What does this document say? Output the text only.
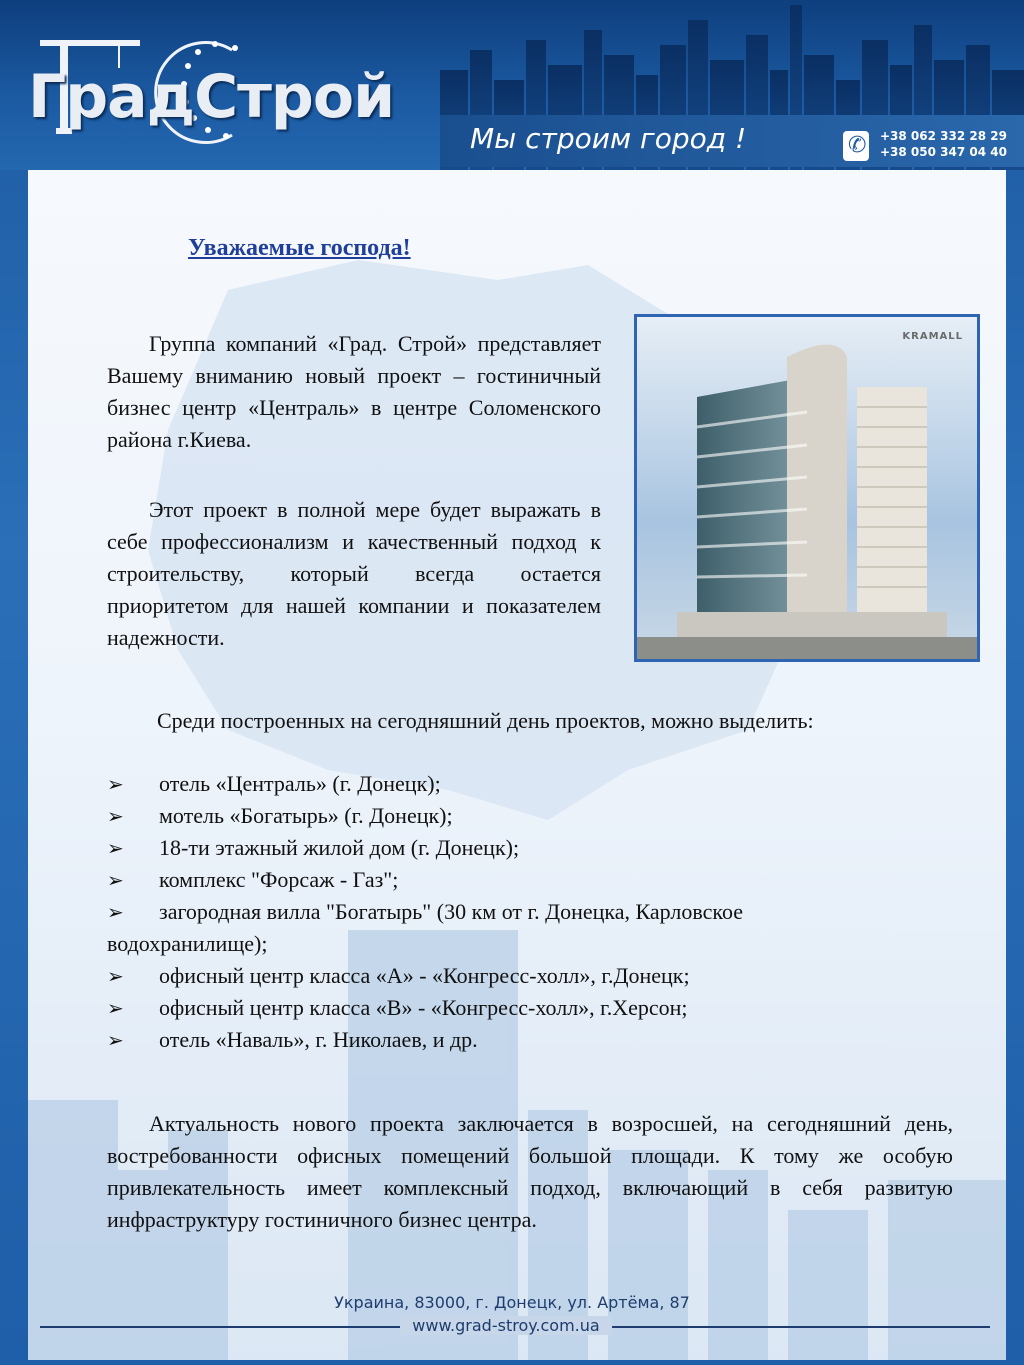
ГрадСтрой
Мы строим город !	✆ +38 062 332 28 29
+38 050 347 04 40
Уважаемые господа!

Группа компаний «Град. Строй» представляет Вашему вниманию новый проект – гостиничный бизнес центр «Централь» в центре Соломенского района г.Киева.

Этот проект в полной мере будет выражать в себе профессионализм и качественный подход к строительству, который всегда остается приоритетом для нашей компании и показателем надежности.

KRAMALL
Среди построенных на сегодняшний день проектов, можно выделить:
➢ отель «Централь» (г. Донецк);
➢ мотель «Богатырь» (г. Донецк);
➢ 18-ти этажный жилой дом (г. Донецк);
➢ комплекс "Форсаж - Газ";
➢ загородная вилла "Богатырь" (30 км от г. Донецка, Карловское водохранилище);
➢ офисный центр класса «А» - «Конгресс-холл», г.Донецк;
➢ офисный центр класса «В» - «Конгресс-холл», г.Херсон;
➢ отель «Наваль», г. Николаев, и др.

Актуальность нового проекта заключается в возросшей, на сегодняшний день, востребованности офисных помещений большой площади. К тому же особую привлекательность имеет комплексный подход, включающий в себя развитую инфраструктуру гостиничного бизнес центра.

Украина, 83000, г. Донецк, ул. Артёма, 87
www.grad-stroy.com.ua
